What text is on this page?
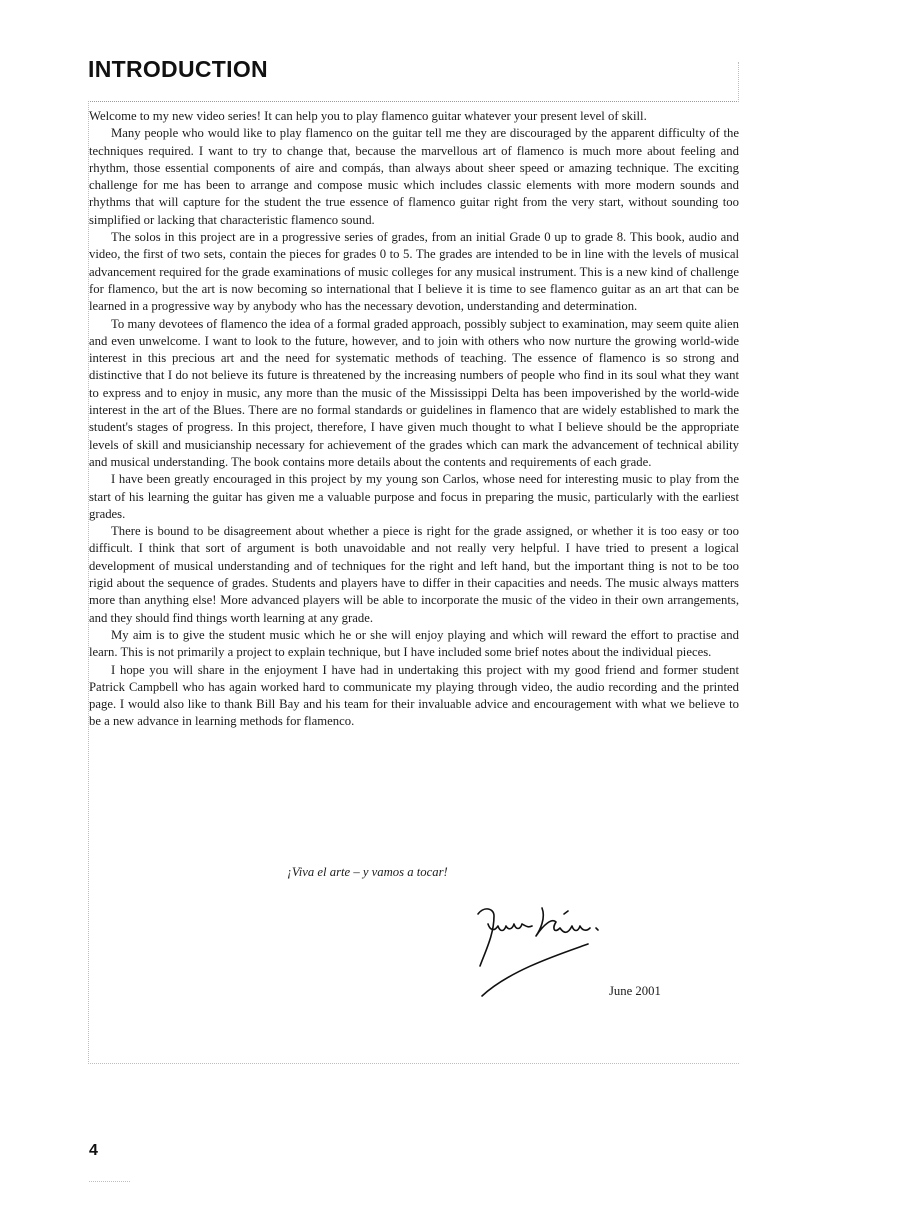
INTRODUCTION

Welcome to my new video series! It can help you to play flamenco guitar whatever your present level of skill.

Many people who would like to play flamenco on the guitar tell me they are discouraged by the apparent difficulty of the techniques required. I want to try to change that, because the marvellous art of flamenco is much more about feeling and rhythm, those essential components of aire and compás, than always about sheer speed or amazing technique. The exciting challenge for me has been to arrange and compose music which includes classic elements with more modern sounds and rhythms that will capture for the student the true essence of flamenco guitar right from the very start, without sounding too simplified or lacking that characteristic flamenco sound.

The solos in this project are in a progressive series of grades, from an initial Grade 0 up to grade 8. This book, audio and video, the first of two sets, contain the pieces for grades 0 to 5. The grades are intended to be in line with the levels of musical advancement required for the grade examinations of music colleges for any musical instrument. This is a new kind of challenge for flamenco, but the art is now becoming so international that I believe it is time to see flamenco guitar as an art that can be learned in a progressive way by anybody who has the necessary devotion, understanding and determination.

To many devotees of flamenco the idea of a formal graded approach, possibly subject to examination, may seem quite alien and even unwelcome. I want to look to the future, however, and to join with others who now nurture the growing world-wide interest in this precious art and the need for systematic methods of teaching. The essence of flamenco is so strong and distinctive that I do not believe its future is threatened by the increasing numbers of people who find in its soul what they want to express and to enjoy in music, any more than the music of the Mississippi Delta has been impoverished by the world-wide interest in the art of the Blues. There are no formal standards or guidelines in flamenco that are widely established to mark the student's stages of progress. In this project, therefore, I have given much thought to what I believe should be the appropriate levels of skill and musicianship necessary for achievement of the grades which can mark the advancement of technical ability and musical understanding. The book contains more details about the contents and requirements of each grade.

I have been greatly encouraged in this project by my young son Carlos, whose need for interesting music to play from the start of his learning the guitar has given me a valuable purpose and focus in preparing the music, particularly with the earliest grades.

There is bound to be disagreement about whether a piece is right for the grade assigned, or whether it is too easy or too difficult. I think that sort of argument is both unavoidable and not really very helpful. I have tried to present a logical development of musical understanding and of techniques for the right and left hand, but the important thing is not to be too rigid about the sequence of grades. Students and players have to differ in their capacities and needs. The music always matters more than anything else! More advanced players will be able to incorporate the music of the video in their own arrangements, and they should find things worth learning at any grade.

My aim is to give the student music which he or she will enjoy playing and which will reward the effort to practise and learn. This is not primarily a project to explain technique, but I have included some brief notes about the individual pieces.

I hope you will share in the enjoyment I have had in undertaking this project with my good friend and former student Patrick Campbell who has again worked hard to communicate my playing through video, the audio recording and the printed page. I would also like to thank Bill Bay and his team for their invaluable advice and encouragement with what we believe to be a new advance in learning methods for flamenco.

¡Viva el arte – y vamos a tocar!
June 2001
4
